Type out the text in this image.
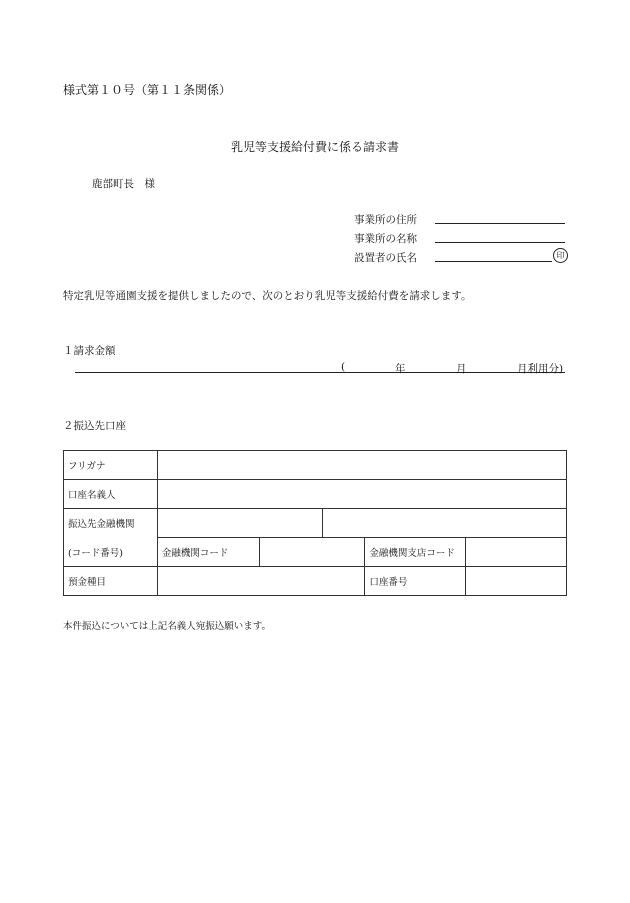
様式第１０号（第１１条関係）
乳児等支援給付費に係る請求書
鹿部町長　様
事業所の住所
事業所の名称
設置者の氏名	印
特定乳児等通園支援を提供しましたので、次のとおり乳児等支援給付費を請求します。
１請求金額
(	年	月	月利用分)
２振込先口座
フリガナ					
口座名義人					
振込先金融機関					
(コード番号)	金融機関コード			金融機関支店コード	
預金種目				口座番号	
本件振込については上記名義人宛振込願います。
